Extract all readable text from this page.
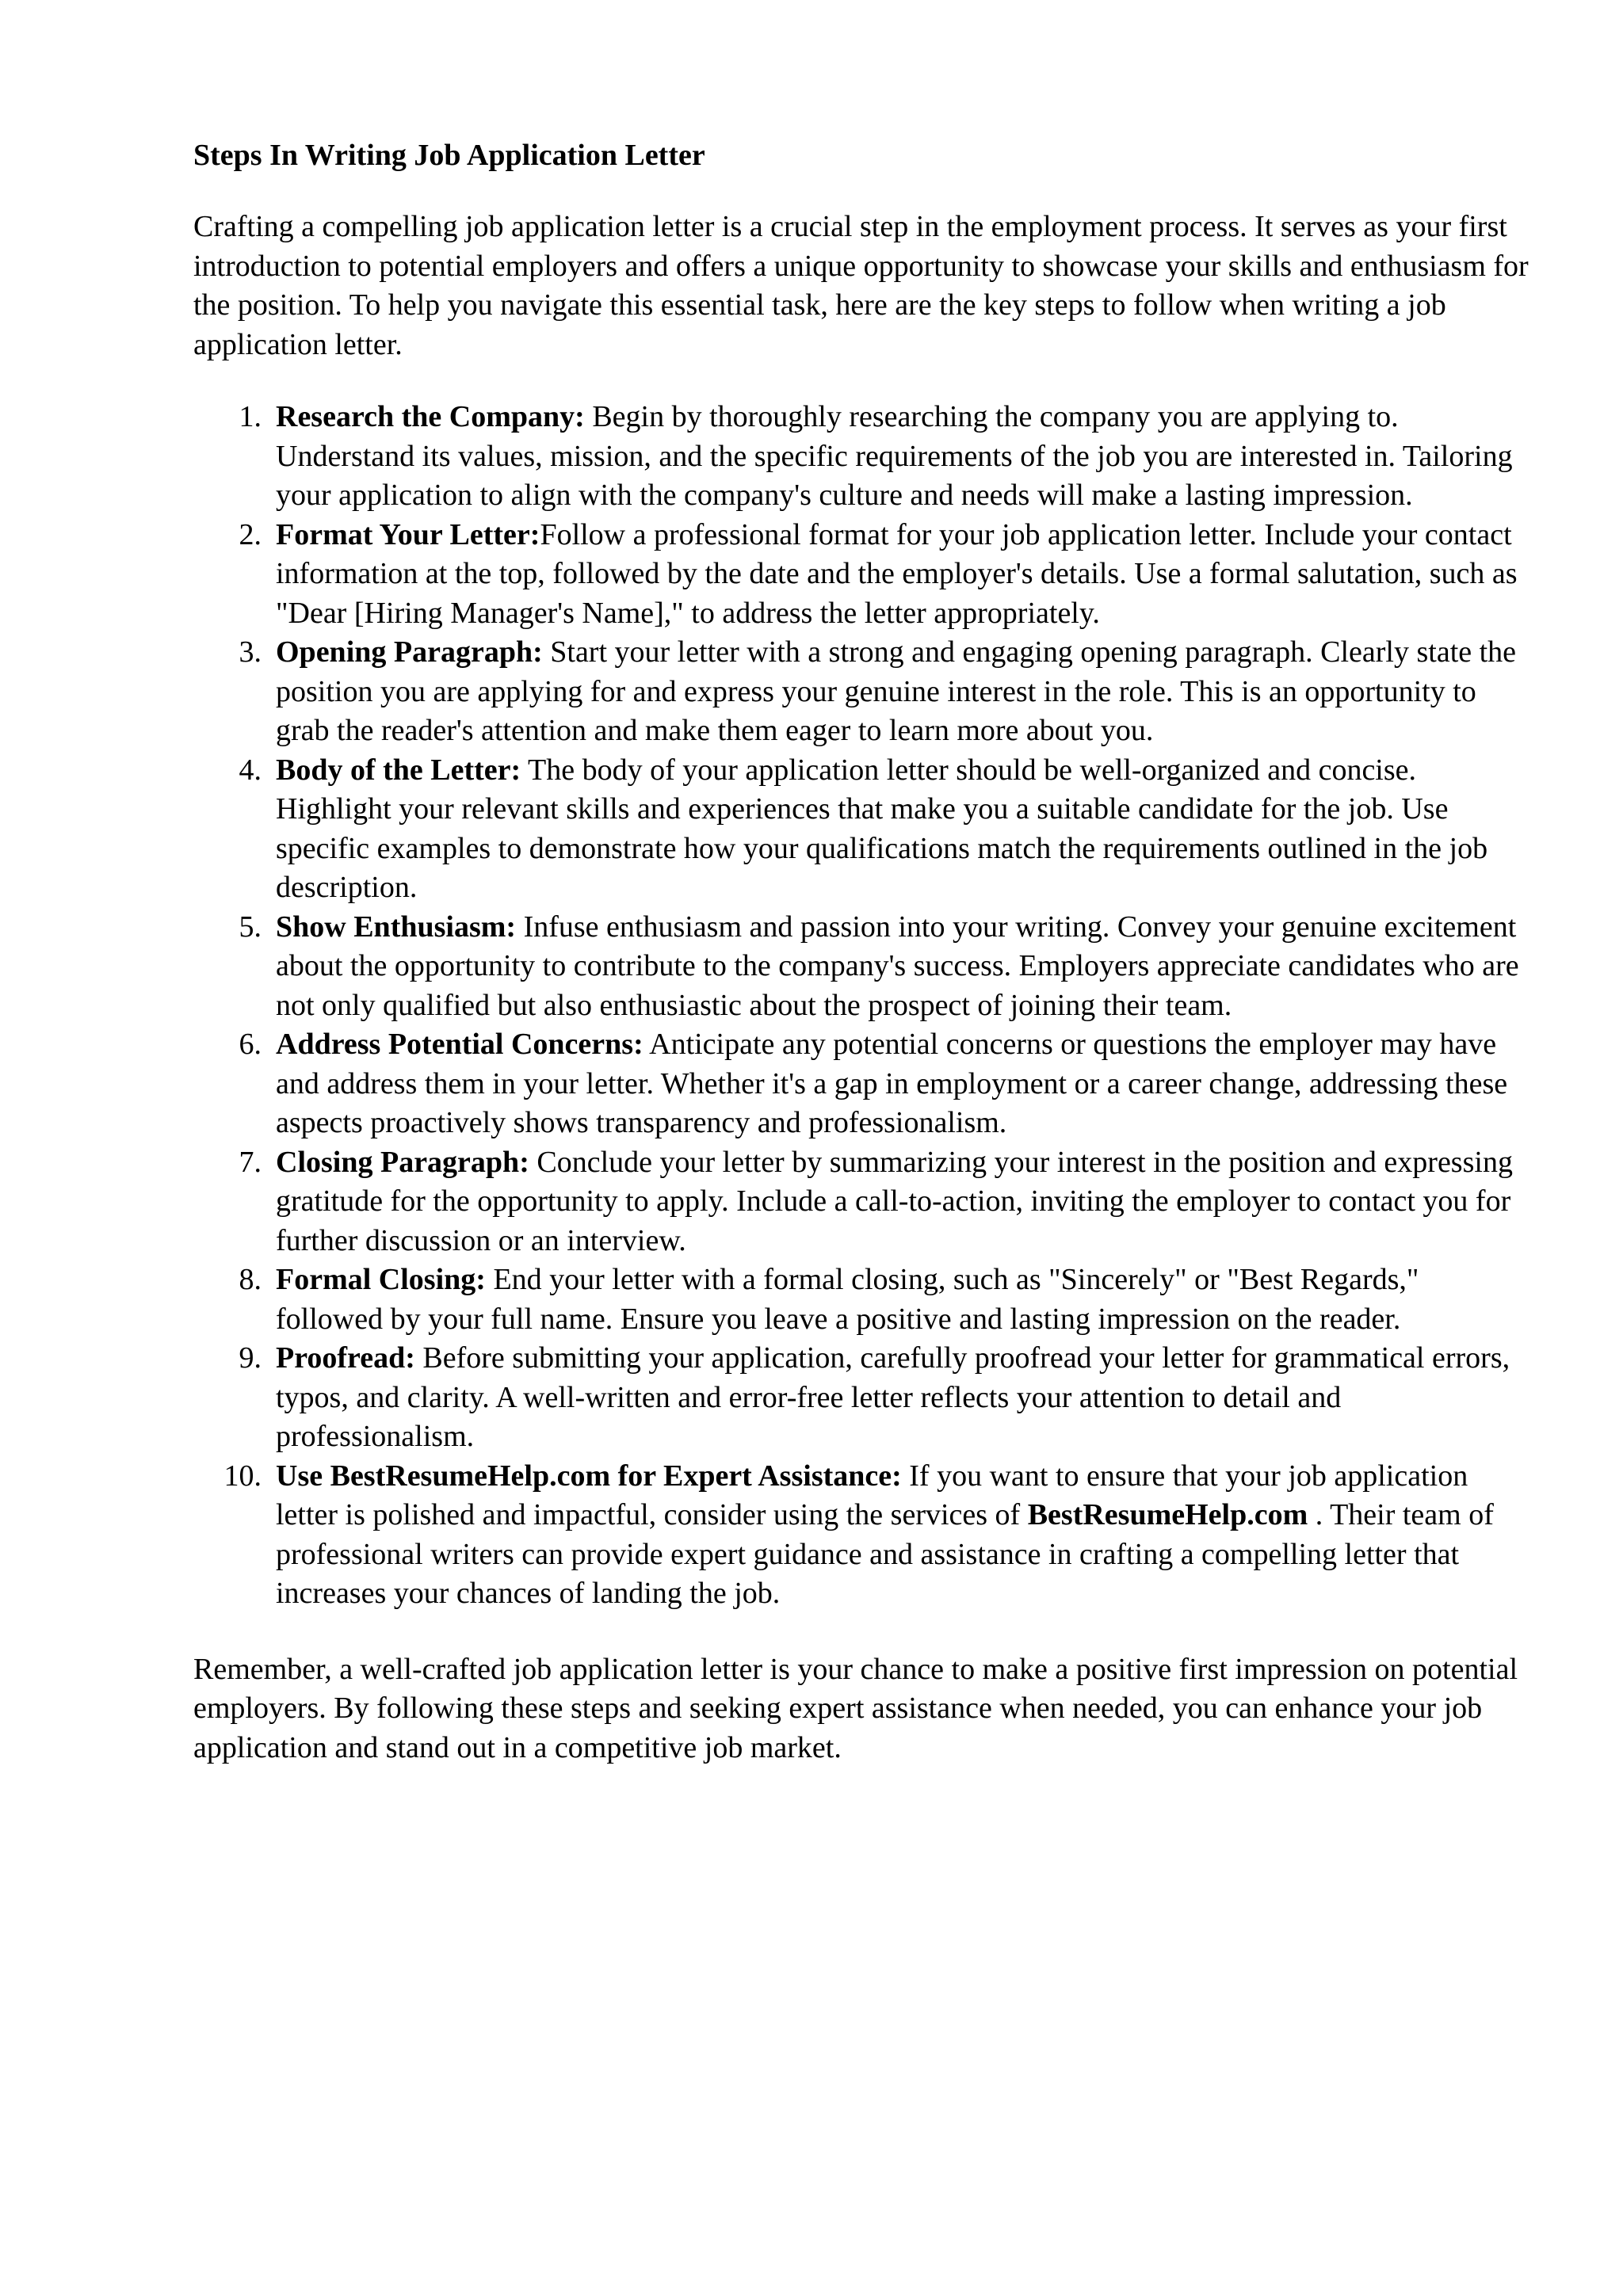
Steps In Writing Job Application Letter

Crafting a compelling job application letter is a crucial step in the employment process. It serves as your first introduction to potential employers and offers a unique opportunity to showcase your skills and enthusiasm for the position. To help you navigate this essential task, here are the key steps to follow when writing a job application letter.

1. Research the Company: Begin by thoroughly researching the company you are applying to. Understand its values, mission, and the specific requirements of the job you are interested in. Tailoring your application to align with the company's culture and needs will make a lasting impression.
2. Format Your Letter:Follow a professional format for your job application letter. Include your contact information at the top, followed by the date and the employer's details. Use a formal salutation, such as "Dear [Hiring Manager's Name]," to address the letter appropriately.
3. Opening Paragraph: Start your letter with a strong and engaging opening paragraph. Clearly state the position you are applying for and express your genuine interest in the role. This is an opportunity to grab the reader's attention and make them eager to learn more about you.
4. Body of the Letter: The body of your application letter should be well-organized and concise. Highlight your relevant skills and experiences that make you a suitable candidate for the job. Use specific examples to demonstrate how your qualifications match the requirements outlined in the job description.
5. Show Enthusiasm: Infuse enthusiasm and passion into your writing. Convey your genuine excitement about the opportunity to contribute to the company's success. Employers appreciate candidates who are not only qualified but also enthusiastic about the prospect of joining their team.
6. Address Potential Concerns: Anticipate any potential concerns or questions the employer may have and address them in your letter. Whether it's a gap in employment or a career change, addressing these aspects proactively shows transparency and professionalism.
7. Closing Paragraph: Conclude your letter by summarizing your interest in the position and expressing gratitude for the opportunity to apply. Include a call-to-action, inviting the employer to contact you for further discussion or an interview.
8. Formal Closing: End your letter with a formal closing, such as "Sincerely" or "Best Regards," followed by your full name. Ensure you leave a positive and lasting impression on the reader.
9. Proofread: Before submitting your application, carefully proofread your letter for grammatical errors, typos, and clarity. A well-written and error-free letter reflects your attention to detail and professionalism.
10. Use BestResumeHelp.com for Expert Assistance: If you want to ensure that your job application letter is polished and impactful, consider using the services of BestResumeHelp.com . Their team of professional writers can provide expert guidance and assistance in crafting a compelling letter that increases your chances of landing the job.

Remember, a well-crafted job application letter is your chance to make a positive first impression on potential employers. By following these steps and seeking expert assistance when needed, you can enhance your job application and stand out in a competitive job market.
